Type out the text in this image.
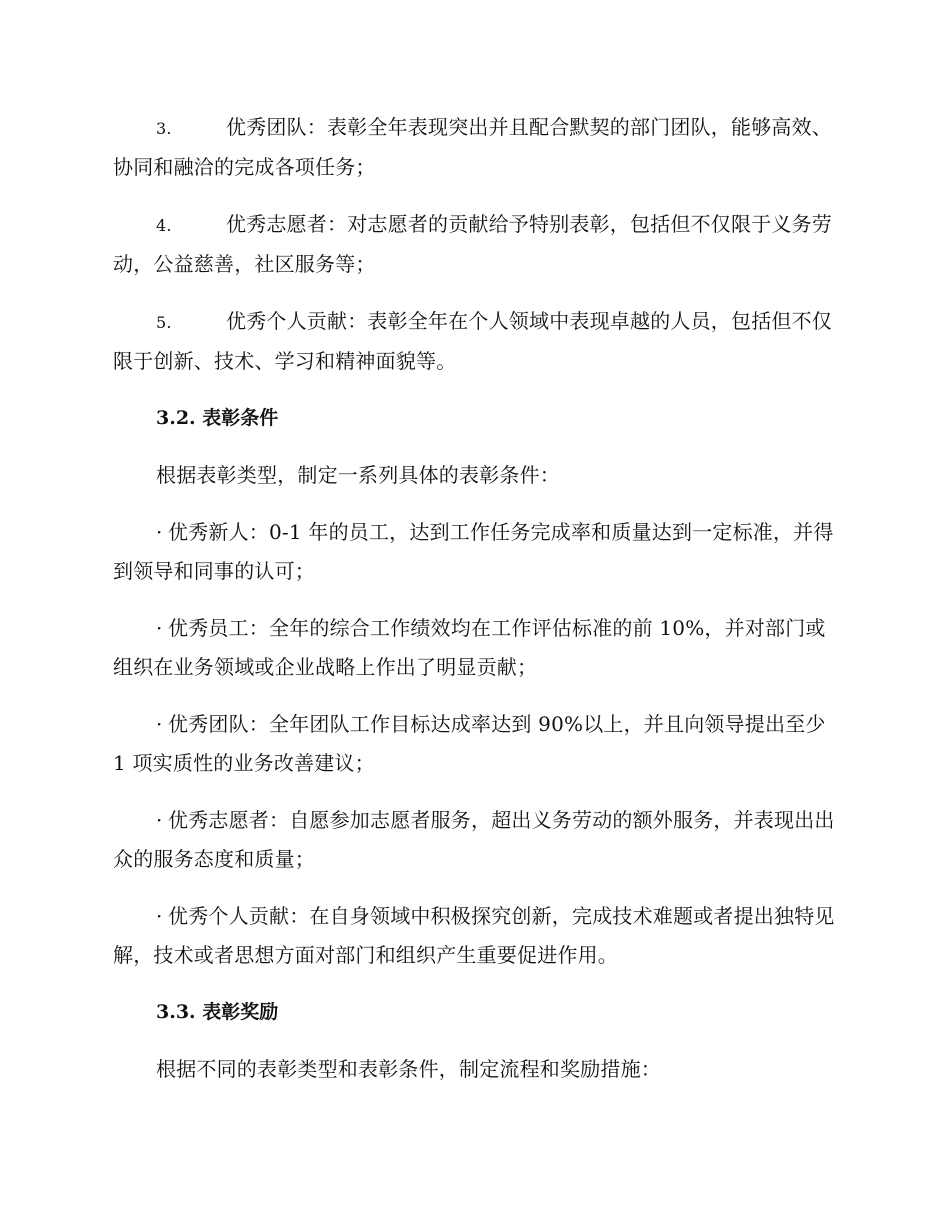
3.	优秀团队：表彰全年表现突出并且配合默契的部门团队，能够高效、协同和融洽的完成各项任务；

4.	优秀志愿者：对志愿者的贡献给予特别表彰，包括但不仅限于义务劳动，公益慈善，社区服务等；

5.	优秀个人贡献：表彰全年在个人领域中表现卓越的人员，包括但不仅限于创新、技术、学习和精神面貌等。

3.2. 表彰条件

根据表彰类型，制定一系列具体的表彰条件：

· 优秀新人：0-1 年的员工，达到工作任务完成率和质量达到一定标准，并得到领导和同事的认可；

· 优秀员工：全年的综合工作绩效均在工作评估标准的前 10%，并对部门或组织在业务领域或企业战略上作出了明显贡献；

· 优秀团队：全年团队工作目标达成率达到 90%以上，并且向领导提出至少 1 项实质性的业务改善建议；

· 优秀志愿者：自愿参加志愿者服务，超出义务劳动的额外服务，并表现出出众的服务态度和质量；

· 优秀个人贡献：在自身领域中积极探究创新，完成技术难题或者提出独特见解，技术或者思想方面对部门和组织产生重要促进作用。

3.3. 表彰奖励

根据不同的表彰类型和表彰条件，制定流程和奖励措施：
